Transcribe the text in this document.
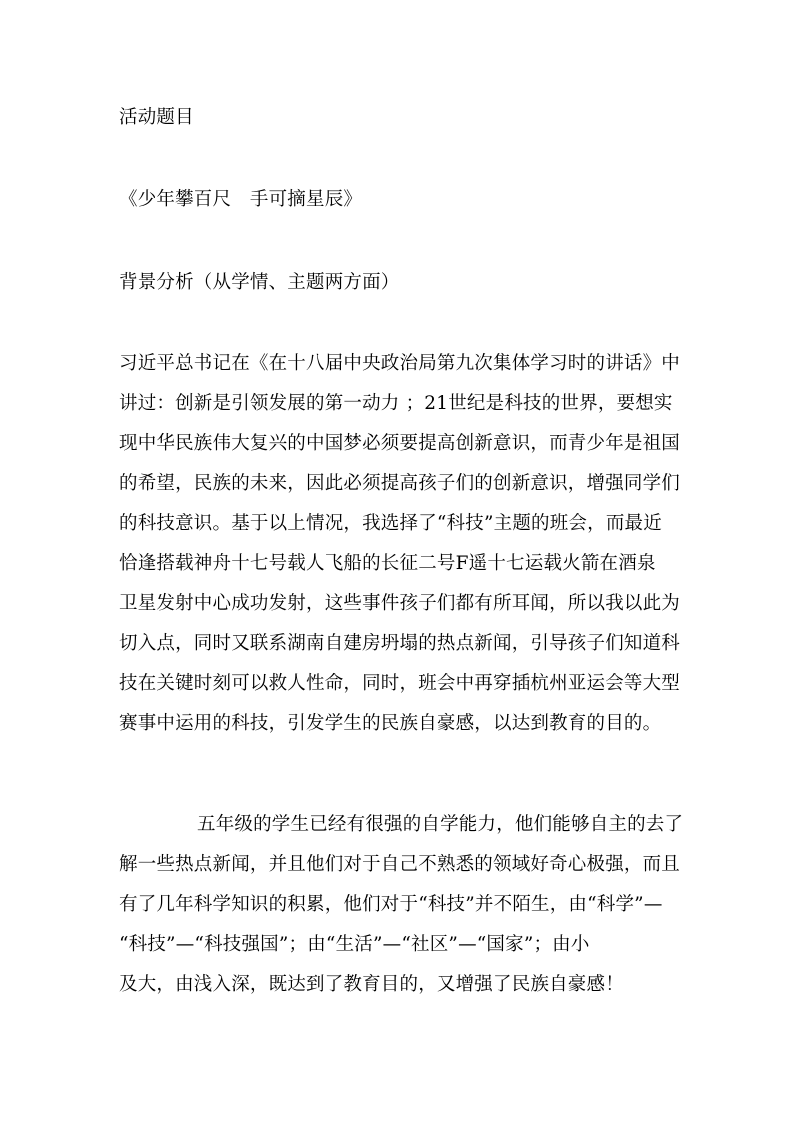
活动题目
《少年攀百尺　手可摘星辰》
背景分析（从学情、主题两方面）
习近平总书记在《在十八届中央政治局第九次集体学习时的讲话》中
讲过：创新是引领发展的第一动力 ；21世纪是科技的世界，要想实
现中华民族伟大复兴的中国梦必须要提高创新意识，而青少年是祖国
的希望，民族的未来，因此必须提高孩子们的创新意识，增强同学们
的科技意识。基于以上情况，我选择了“科技”主题的班会，而最近
恰逢搭载神舟十七号载人飞船的长征二号F遥十七运载火箭在酒泉
卫星发射中心成功发射，这些事件孩子们都有所耳闻，所以我以此为
切入点，同时又联系湖南自建房坍塌的热点新闻，引导孩子们知道科
技在关键时刻可以救人性命，同时，班会中再穿插杭州亚运会等大型
赛事中运用的科技，引发学生的民族自豪感，以达到教育的目的。
五年级的学生已经有很强的自学能力，他们能够自主的去了
解一些热点新闻，并且他们对于自己不熟悉的领域好奇心极强，而且
有了几年科学知识的积累，他们对于“科技”并不陌生，由“科学”—
“科技”—“科技强国”；由“生活”—“社区”—“国家”；由小
及大，由浅入深，既达到了教育目的，又增强了民族自豪感！
